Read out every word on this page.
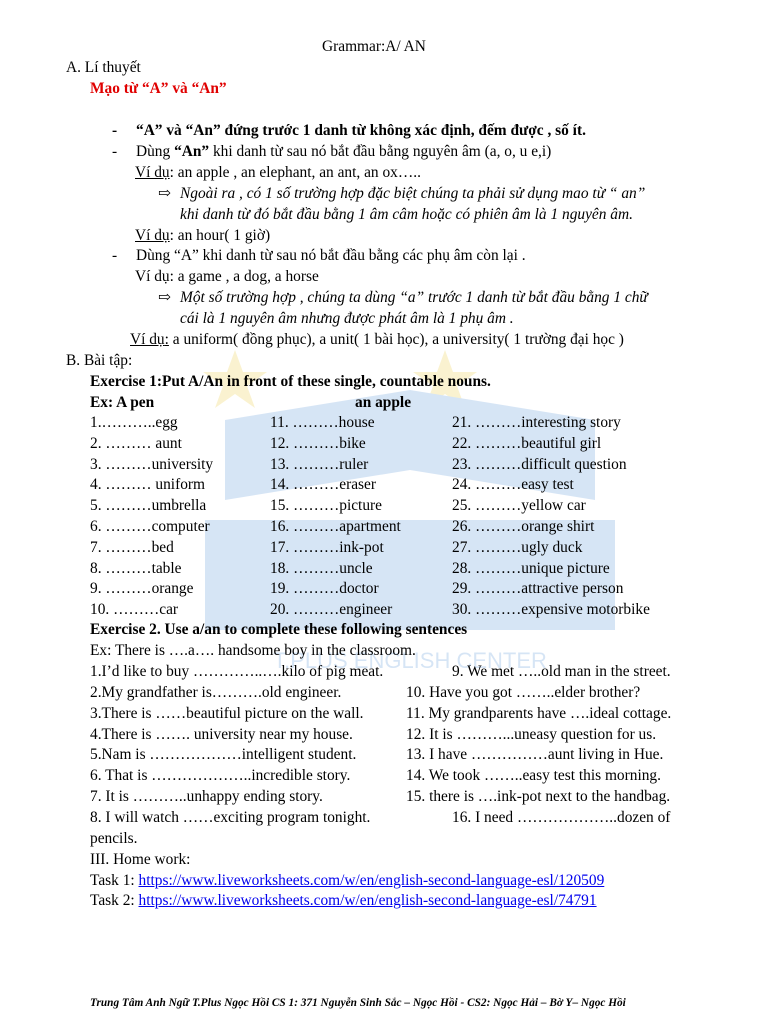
T.PLUS ENGLISH CENTER
Grammar:A/ AN
A. Lí thuyết
Mạo từ “A” và “An”
- “A” và “An” đứng trước 1 danh từ không xác định, đếm được , số ít.
- Dùng “An” khi danh từ sau nó bắt đầu bằng nguyên âm (a, o, u e,i)
Ví dụ: an apple , an elephant, an ant, an ox…..
⇨ Ngoài ra , có 1 số trường hợp đặc biệt chúng ta phải sử dụng mao từ “ an”
khi danh từ đó bắt đầu bằng 1 âm câm hoặc có phiên âm là 1 nguyên âm.
Ví dụ: an hour( 1 giờ)
- Dùng “A” khi danh từ sau nó bắt đầu bằng các phụ âm còn lại .
Ví dụ: a game , a dog, a horse
⇨ Một số trường hợp , chúng ta dùng “a” trước 1 danh từ bắt đầu bằng 1 chữ
cái là 1 nguyên âm nhưng được phát âm là 1 phụ âm .
Ví dụ: a uniform( đồng phục), a unit( 1 bài học), a university( 1 trường đại học )
B. Bài tập:
Exercise 1:Put A/An in front of these single, countable nouns.
Ex: A pen	an apple
1.………..egg	11. ………house	21. ………interesting story
2. ……… aunt	12. ………bike	22. ………beautiful girl
3. ………university	13. ………ruler	23. ………difficult question
4. ……… uniform	14. ………eraser	24. ………easy test
5. ………umbrella	15. ………picture	25. ………yellow car
6. ………computer	16. ………apartment	26. ………orange shirt
7. ………bed	17. ………ink-pot	27. ………ugly duck
8. ………table	18. ………uncle	28. ………unique picture
9. ………orange	19. ………doctor	29. ………attractive person
10. ………car	20. ………engineer	30. ………expensive motorbike
Exercise 2. Use a/an to complete these following sentences
Ex: There is ….a…. handsome boy in the classroom.
1.I’d like to buy …………..….kilo of pig meat.	9. We met …..old man in the street.
2.My grandfather is……….old engineer.	10. Have you got ……..elder brother?
3.There is ……beautiful picture on the wall.	11. My grandparents have ….ideal cottage.
4.There is ……. university near my house.	12. It is ………...uneasy question for us.
5.Nam is ………………intelligent student.	13. I have ……………aunt living in Hue.
6. That is ………………..incredible story.	14. We took ……..easy test this morning.
7. It is ………..unhappy ending story.	15. there is ….ink-pot next to the handbag.
8. I will watch ……exciting program tonight.	16. I need ………………..dozen of
pencils.
III. Home work:
Task 1: https://www.liveworksheets.com/w/en/english-second-language-esl/120509
Task 2: https://www.liveworksheets.com/w/en/english-second-language-esl/74791
Trung Tâm Anh Ngữ T.Plus Ngọc Hồi CS 1: 371 Nguyễn Sinh Sắc – Ngọc Hồi - CS2: Ngọc Hải – Bờ Y– Ngọc Hồi
